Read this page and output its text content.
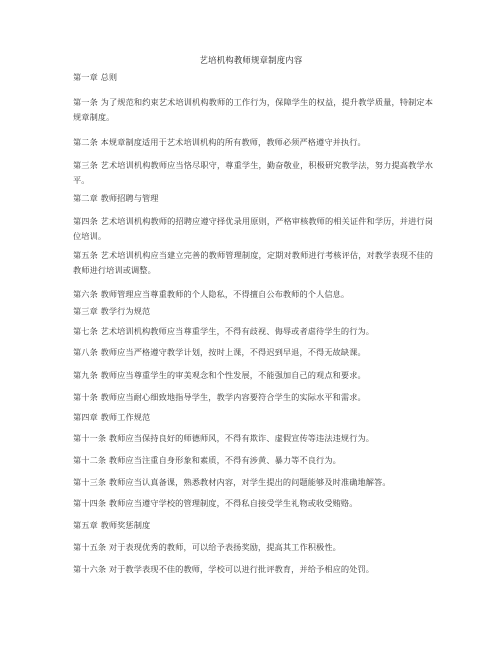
艺培机构教师规章制度内容
第一章 总则
第一条 为了规范和约束艺术培训机构教师的工作行为，保障学生的权益，提升教学质量，特制定本规章制度。
第二条 本规章制度适用于艺术培训机构的所有教师，教师必须严格遵守并执行。
第三条 艺术培训机构教师应当恪尽职守，尊重学生，勤奋敬业，积极研究教学法，努力提高教学水平。
第二章 教师招聘与管理
第四条 艺术培训机构教师的招聘应遵守择优录用原则，严格审核教师的相关证件和学历，并进行岗位培训。
第五条 艺术培训机构应当建立完善的教师管理制度，定期对教师进行考核评估，对教学表现不佳的教师进行培训或调整。
第六条 教师管理应当尊重教师的个人隐私，不得擅自公布教师的个人信息。
第三章 教学行为规范
第七条 艺术培训机构教师应当尊重学生，不得有歧视、侮辱或者虐待学生的行为。
第八条 教师应当严格遵守教学计划，按时上课，不得迟到早退，不得无故缺课。
第九条 教师应当尊重学生的审美观念和个性发展，不能强加自己的观点和要求。
第十条 教师应当耐心细致地指导学生，教学内容要符合学生的实际水平和需求。
第四章 教师工作规范
第十一条 教师应当保持良好的师德师风，不得有欺诈、虚假宣传等违法违规行为。
第十二条 教师应当注重自身形象和素质，不得有涉黄、暴力等不良行为。
第十三条 教师应当认真备课，熟悉教材内容，对学生提出的问题能够及时准确地解答。
第十四条 教师应当遵守学校的管理制度，不得私自接受学生礼物或收受贿赂。
第五章 教师奖惩制度
第十五条 对于表现优秀的教师，可以给予表扬奖励，提高其工作积极性。
第十六条 对于教学表现不佳的教师，学校可以进行批评教育，并给予相应的处罚。
